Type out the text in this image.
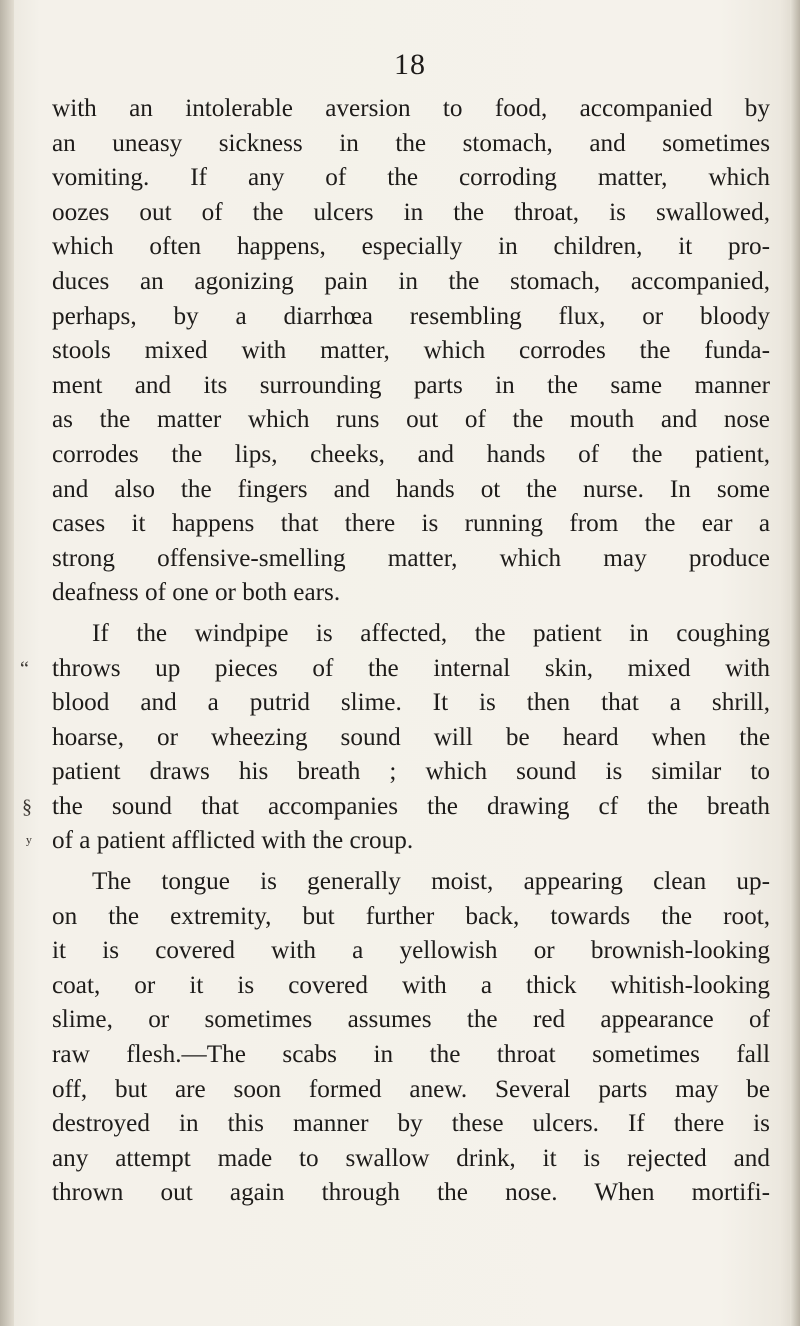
18
“
§
ʸ
with an intolerable aversion to food, accompanied by
an uneasy sickness in the stomach, and sometimes
vomiting. If any of the corroding matter, which
oozes out of the ulcers in the throat, is swallowed,
which often happens, especially in children, it pro-
duces an agonizing pain in the stomach, accompanied,
perhaps, by a diarrhœa resembling flux, or bloody
stools mixed with matter, which corrodes the funda-
ment and its surrounding parts in the same manner
as the matter which runs out of the mouth and nose
corrodes the lips, cheeks, and hands of the patient,
and also the fingers and hands ot the nurse. In some
cases it happens that there is running from the ear a
strong offensive-smelling matter, which may produce
deafness of one or both ears.
If the windpipe is affected, the patient in coughing
throws up pieces of the internal skin, mixed with
blood and a putrid slime. It is then that a shrill,
hoarse, or wheezing sound will be heard when the
patient draws his breath ; which sound is similar to
the sound that accompanies the drawing cf the breath
of a patient afflicted with the croup.
The tongue is generally moist, appearing clean up-
on the extremity, but further back, towards the root,
it is covered with a yellowish or brownish-looking
coat, or it is covered with a thick whitish-looking
slime, or sometimes assumes the red appearance of
raw flesh.—The scabs in the throat sometimes fall
off, but are soon formed anew. Several parts may be
destroyed in this manner by these ulcers. If there is
any attempt made to swallow drink, it is rejected and
thrown out again through the nose. When mortifi-
